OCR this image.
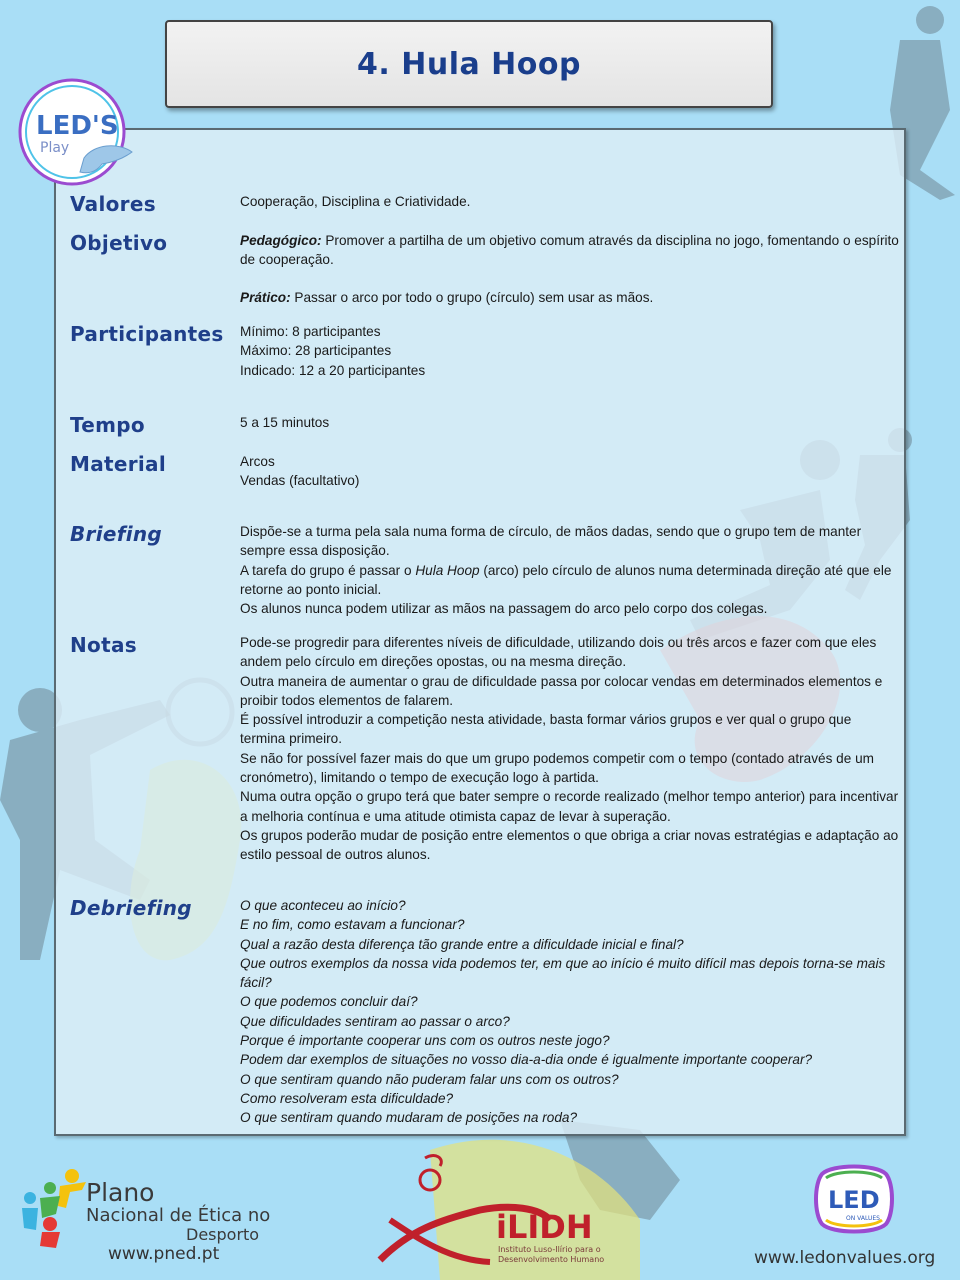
4. Hula Hoop
LED'S
Play
Valores	Cooperação, Disciplina e Criatividade.

Objetivo	Pedagógico: Promover a partilha de um objetivo comum através da disciplina no jogo, fomentando o espírito de cooperação.

Prático: Passar o arco por todo o grupo (círculo) sem usar as mãos.

Participantes	Mínimo: 8 participantes

Máximo: 28 participantes

Indicado: 12 a 20 participantes

Tempo	5 a 15 minutos

Material	Arcos

Vendas (facultativo)

Briefing	Dispõe-se a turma pela sala numa forma de círculo, de mãos dadas, sendo que o grupo tem de manter sempre essa disposição.

A tarefa do grupo é passar o Hula Hoop (arco) pelo círculo de alunos numa determinada direção até que ele retorne ao ponto inicial.

Os alunos nunca podem utilizar as mãos na passagem do arco pelo corpo dos colegas.

Notas	Pode-se progredir para diferentes níveis de dificuldade, utilizando dois ou três arcos e fazer com que eles andem pelo círculo em direções opostas, ou na mesma direção.

Outra maneira de aumentar o grau de dificuldade passa por colocar vendas em determinados elementos e proibir todos elementos de falarem.

É possível introduzir a competição nesta atividade, basta formar vários grupos e ver qual o grupo que termina primeiro.

Se não for possível fazer mais do que um grupo podemos competir com o tempo (contado através de um cronómetro), limitando o tempo de execução logo à partida.

Numa outra opção o grupo terá que bater sempre o recorde realizado (melhor tempo anterior) para incentivar a melhoria contínua e uma atitude otimista capaz de levar à superação.

Os grupos poderão mudar de posição entre elementos o que obriga a criar novas estratégias e adaptação ao estilo pessoal de outros alunos.

Debriefing	O que aconteceu ao início?

E no fim, como estavam a funcionar?

Qual a razão desta diferença tão grande entre a dificuldade inicial e final?

Que outros exemplos da nossa vida podemos ter, em que ao início é muito difícil mas depois torna-se mais fácil?

O que podemos concluir daí?

Que dificuldades sentiram ao passar o arco?

Porque é importante cooperar uns com os outros neste jogo?

Podem dar exemplos de situações no vosso dia-a-dia onde é igualmente importante cooperar?

O que sentiram quando não puderam falar uns com os outros?

Como resolveram esta dificuldade?

O que sentiram quando mudaram de posições na roda?

Plano
Nacional de Ética no
Desporto
www.pned.pt
iLIDH
Instituto Luso-Ilírio para o
Desenvolvimento Humano
LED
ON VALUES
www.ledonvalues.org
